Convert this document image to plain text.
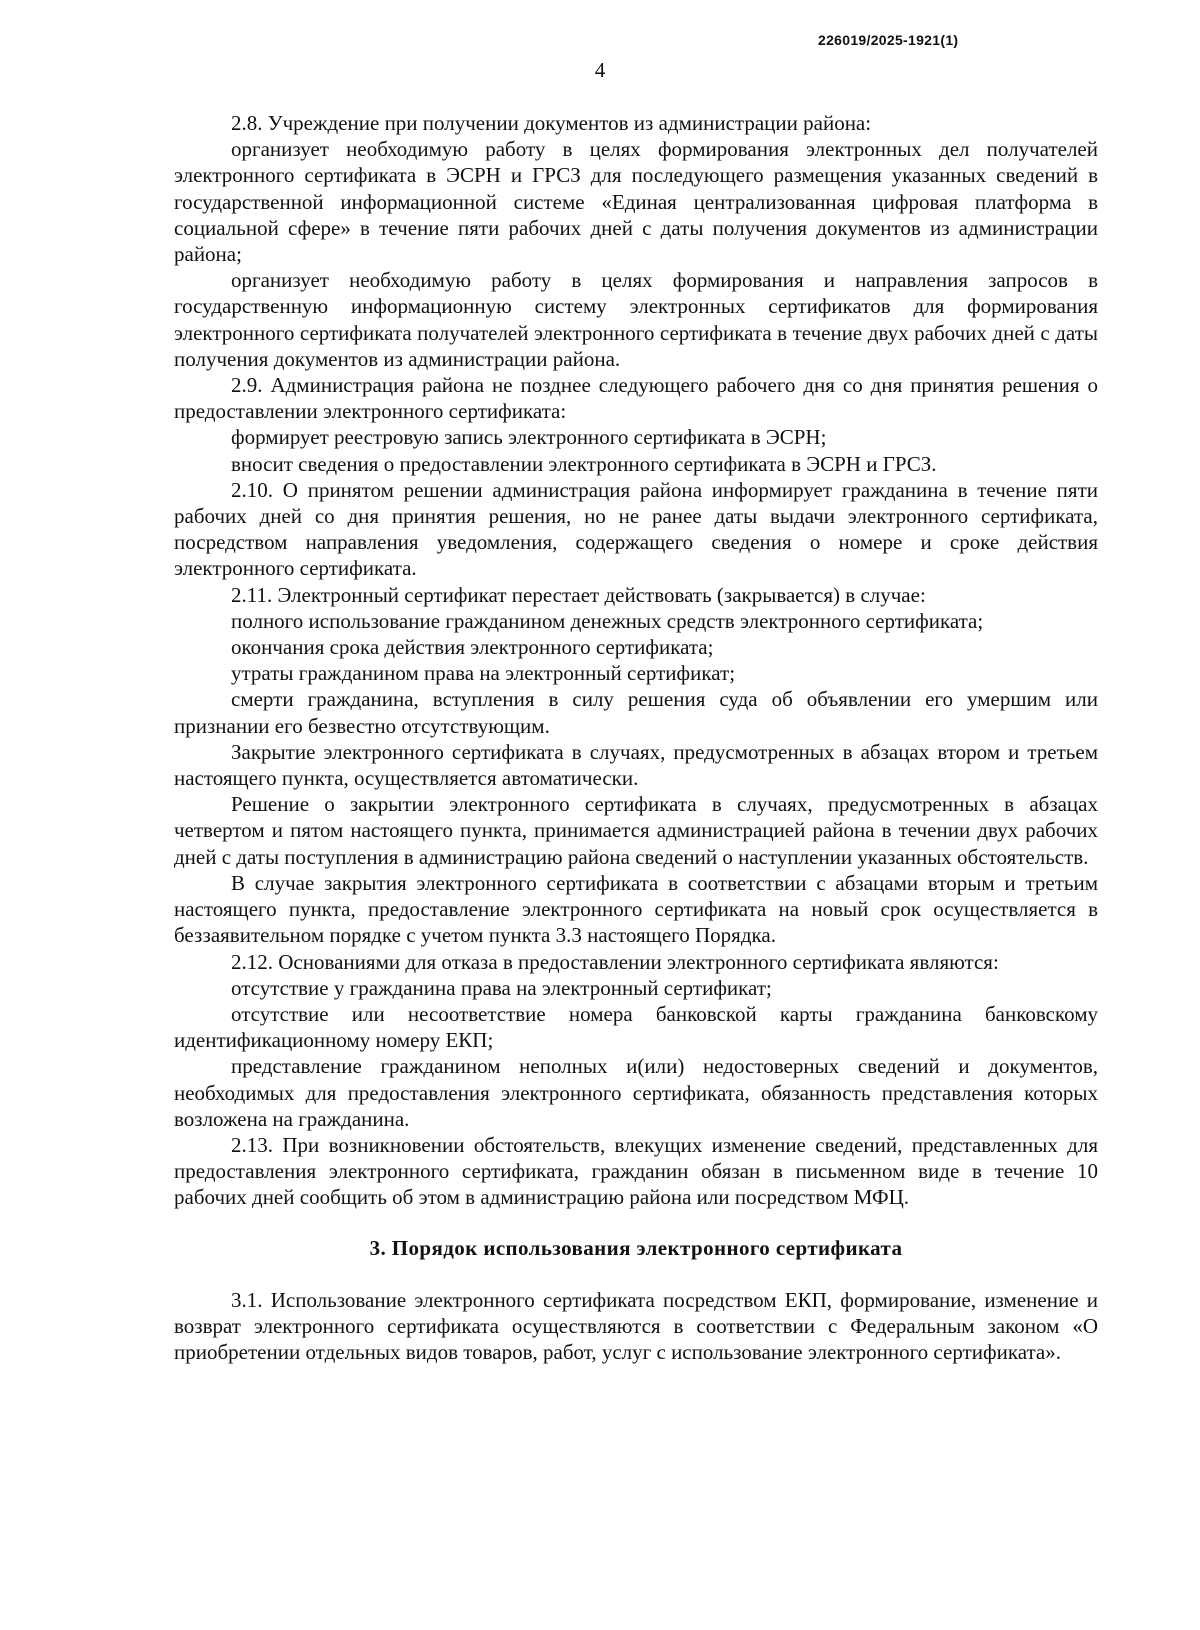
226019/2025-1921(1)
4

2.8. Учреждение при получении документов из администрации района:

организует необходимую работу в целях формирования электронных дел получателей электронного сертификата в ЭСРН и ГРСЗ для последующего размещения указанных сведений в государственной информационной системе «Единая централизованная цифровая платформа в социальной сфере» в течение пяти рабочих дней с даты получения документов из администрации района;

организует необходимую работу в целях формирования и направления запросов в государственную информационную систему электронных сертификатов для формирования электронного сертификата получателей электронного сертификата в течение двух рабочих дней с даты получения документов из администрации района.

2.9. Администрация района не позднее следующего рабочего дня со дня принятия решения о предоставлении электронного сертификата:

формирует реестровую запись электронного сертификата в ЭСРН;

вносит сведения о предоставлении электронного сертификата в ЭСРН и ГРСЗ.

2.10. О принятом решении администрация района информирует гражданина в течение пяти рабочих дней со дня принятия решения, но не ранее даты выдачи электронного сертификата, посредством направления уведомления, содержащего сведения о номере и сроке действия электронного сертификата.

2.11. Электронный сертификат перестает действовать (закрывается) в случае:

полного использование гражданином денежных средств электронного сертификата;

окончания срока действия электронного сертификата;

утраты гражданином права на электронный сертификат;

смерти гражданина, вступления в силу решения суда об объявлении его умершим или признании его безвестно отсутствующим.

Закрытие электронного сертификата в случаях, предусмотренных в абзацах втором и третьем настоящего пункта, осуществляется автоматически.

Решение о закрытии электронного сертификата в случаях, предусмотренных в абзацах четвертом и пятом настоящего пункта, принимается администрацией района в течении двух рабочих дней с даты поступления в администрацию района сведений о наступлении указанных обстоятельств.

В случае закрытия электронного сертификата в соответствии с абзацами вторым и третьим настоящего пункта, предоставление электронного сертификата на новый срок осуществляется в беззаявительном порядке с учетом пункта 3.3 настоящего Порядка.

2.12. Основаниями для отказа в предоставлении электронного сертификата являются:

отсутствие у гражданина права на электронный сертификат;

отсутствие или несоответствие номера банковской карты гражданина банковскому идентификационному номеру ЕКП;

представление гражданином неполных и(или) недостоверных сведений и документов, необходимых для предоставления электронного сертификата, обязанность представления которых возложена на гражданина.

2.13. При возникновении обстоятельств, влекущих изменение сведений, представленных для предоставления электронного сертификата, гражданин обязан в письменном виде в течение 10 рабочих дней сообщить об этом в администрацию района или посредством МФЦ.

3. Порядок использования электронного сертификата

3.1. Использование электронного сертификата посредством ЕКП, формирование, изменение и возврат электронного сертификата осуществляются в соответствии с Федеральным законом «О приобретении отдельных видов товаров, работ, услуг с использование электронного сертификата».
